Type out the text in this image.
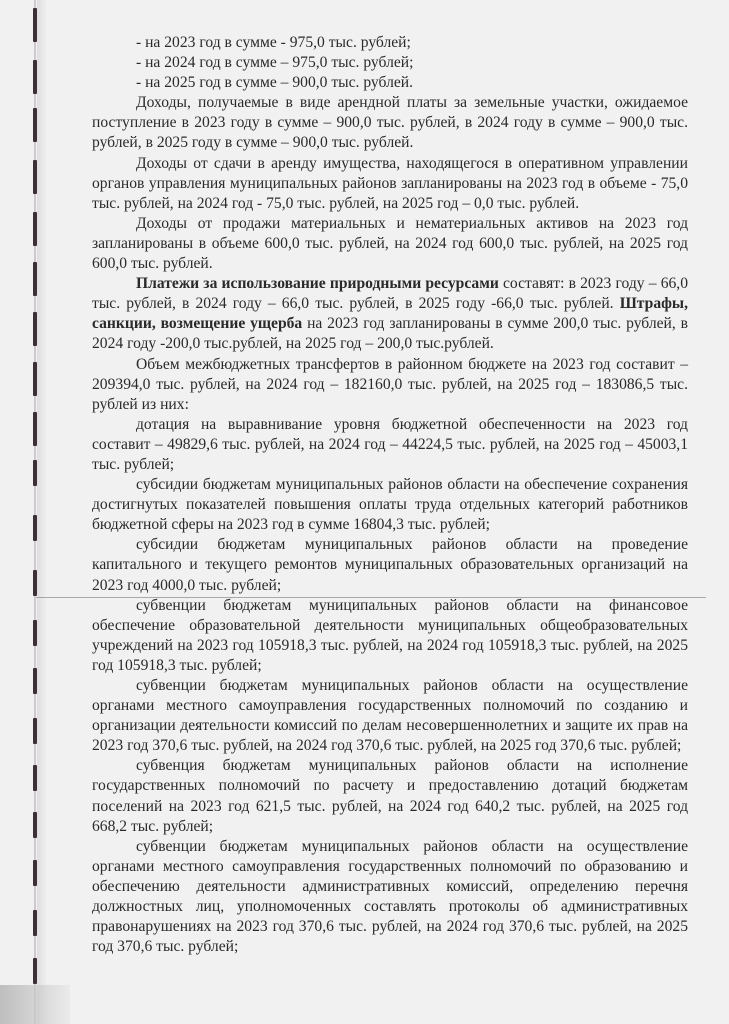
- на 2023 год в сумме - 975,0 тыс. рублей;
- на 2024 год в сумме – 975,0 тыс. рублей;
- на 2025 год в сумме – 900,0 тыс. рублей.

Доходы, получаемые в виде арендной платы за земельные участки, ожидаемое поступление в 2023 году в сумме – 900,0 тыс. рублей, в 2024 году в сумме – 900,0 тыс. рублей, в 2025 году в сумме – 900,0 тыс. рублей.

Доходы от сдачи в аренду имущества, находящегося в оперативном управлении органов управления муниципальных районов запланированы на 2023 год в объеме - 75,0 тыс. рублей, на 2024 год - 75,0 тыс. рублей, на 2025 год – 0,0 тыс. рублей.

Доходы от продажи материальных и нематериальных активов на 2023 год запланированы в объеме 600,0 тыс. рублей, на 2024 год 600,0 тыс. рублей, на 2025 год 600,0 тыс. рублей.

Платежи за использование природными ресурсами составят: в 2023 году – 66,0 тыс. рублей, в 2024 году – 66,0 тыс. рублей, в 2025 году -66,0 тыс. рублей. Штрафы, санкции, возмещение ущерба на 2023 год запланированы в сумме 200,0 тыс. рублей, в 2024 году -200,0 тыс.рублей, на 2025 год – 200,0 тыс.рублей.

Объем межбюджетных трансфертов в районном бюджете на 2023 год составит – 209394,0 тыс. рублей, на 2024 год – 182160,0 тыс. рублей, на 2025 год – 183086,5 тыс. рублей из них:

дотация на выравнивание уровня бюджетной обеспеченности на 2023 год составит – 49829,6 тыс. рублей, на 2024 год – 44224,5 тыс. рублей, на 2025 год – 45003,1 тыс. рублей;

субсидии бюджетам муниципальных районов области на обеспечение сохранения достигнутых показателей повышения оплаты труда отдельных категорий работников бюджетной сферы на 2023 год в сумме 16804,3 тыс. рублей;

субсидии бюджетам муниципальных районов области на проведение капитального и текущего ремонтов муниципальных образовательных организаций на 2023 год 4000,0 тыс. рублей;

субвенции бюджетам муниципальных районов области на финансовое обеспечение образовательной деятельности муниципальных общеобразовательных учреждений на 2023 год 105918,3 тыс. рублей, на 2024 год 105918,3 тыс. рублей, на 2025 год 105918,3 тыс. рублей;

субвенции бюджетам муниципальных районов области на осуществление органами местного самоуправления государственных полномочий по созданию и организации деятельности комиссий по делам несовершеннолетних и защите их прав на 2023 год 370,6 тыс. рублей, на 2024 год 370,6 тыс. рублей, на 2025 год 370,6 тыс. рублей;

субвенция бюджетам муниципальных районов области на исполнение государственных полномочий по расчету и предоставлению дотаций бюджетам поселений на 2023 год 621,5 тыс. рублей, на 2024 год 640,2 тыс. рублей, на 2025 год 668,2 тыс. рублей;

субвенции бюджетам муниципальных районов области на осуществление органами местного самоуправления государственных полномочий по образованию и обеспечению деятельности административных комиссий, определению перечня должностных лиц, уполномоченных составлять протоколы об административных правонарушениях на 2023 год 370,6 тыс. рублей, на 2024 год 370,6 тыс. рублей, на 2025 год 370,6 тыс. рублей;
